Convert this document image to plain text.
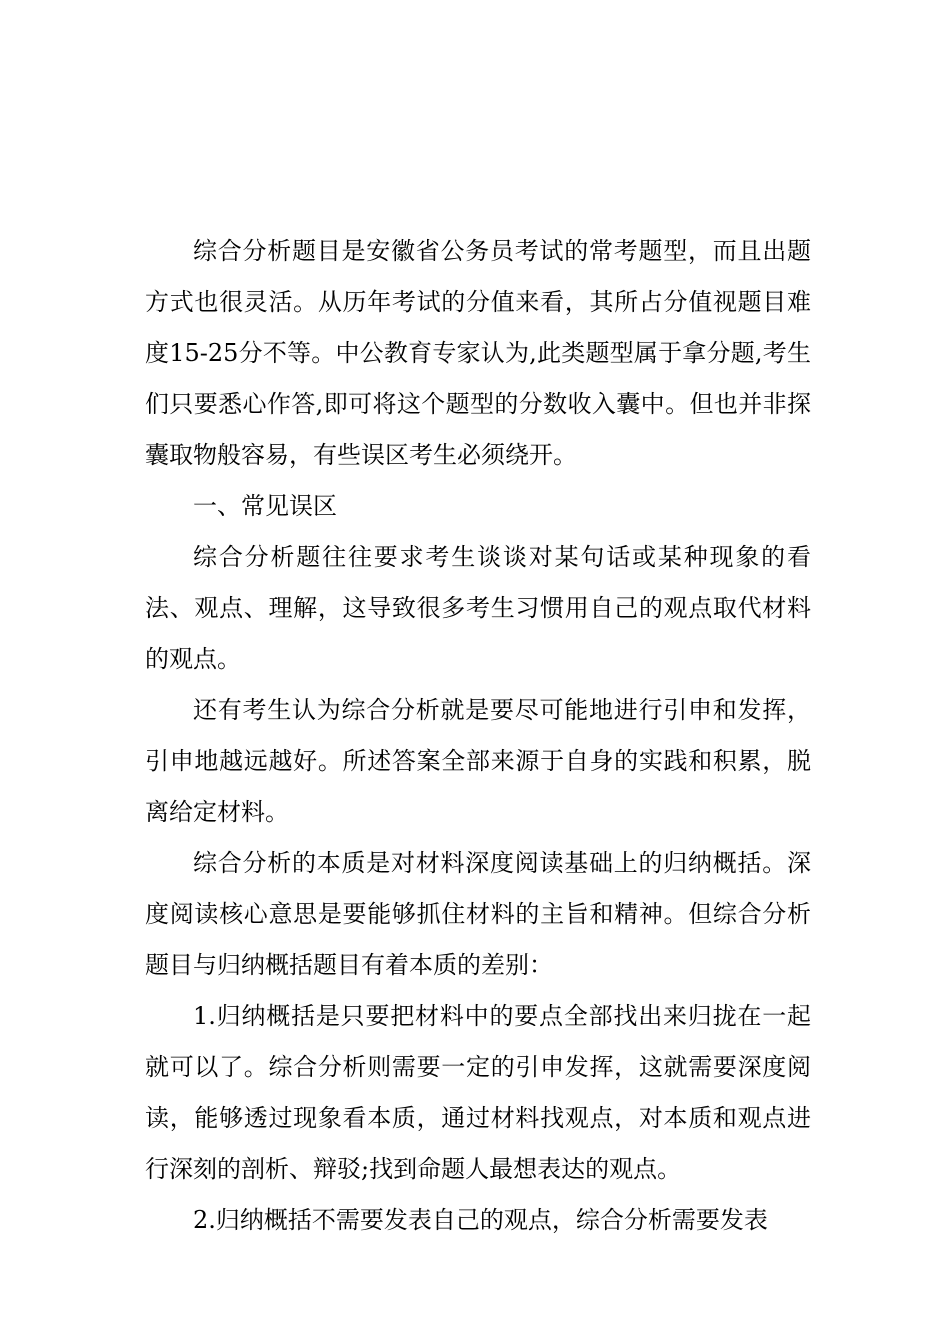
综合分析题目是安徽省公务员考试的常考题型，而且出题方式也很灵活。从历年考试的分值来看，其所占分值视题目难度15-25分不等。中公教育专家认为,此类题型属于拿分题,考生们只要悉心作答,即可将这个题型的分数收入囊中。但也并非探囊取物般容易，有些误区考生必须绕开。

一、常见误区

综合分析题往往要求考生谈谈对某句话或某种现象的看法、观点、理解，这导致很多考生习惯用自己的观点取代材料的观点。

还有考生认为综合分析就是要尽可能地进行引申和发挥，引申地越远越好。所述答案全部来源于自身的实践和积累，脱离给定材料。

综合分析的本质是对材料深度阅读基础上的归纳概括。深度阅读核心意思是要能够抓住材料的主旨和精神。但综合分析题目与归纳概括题目有着本质的差别：

1.归纳概括是只要把材料中的要点全部找出来归拢在一起就可以了。综合分析则需要一定的引申发挥，这就需要深度阅读，能够透过现象看本质，通过材料找观点，对本质和观点进行深刻的剖析、辩驳;找到命题人最想表达的观点。

2.归纳概括不需要发表自己的观点，综合分析需要发表
